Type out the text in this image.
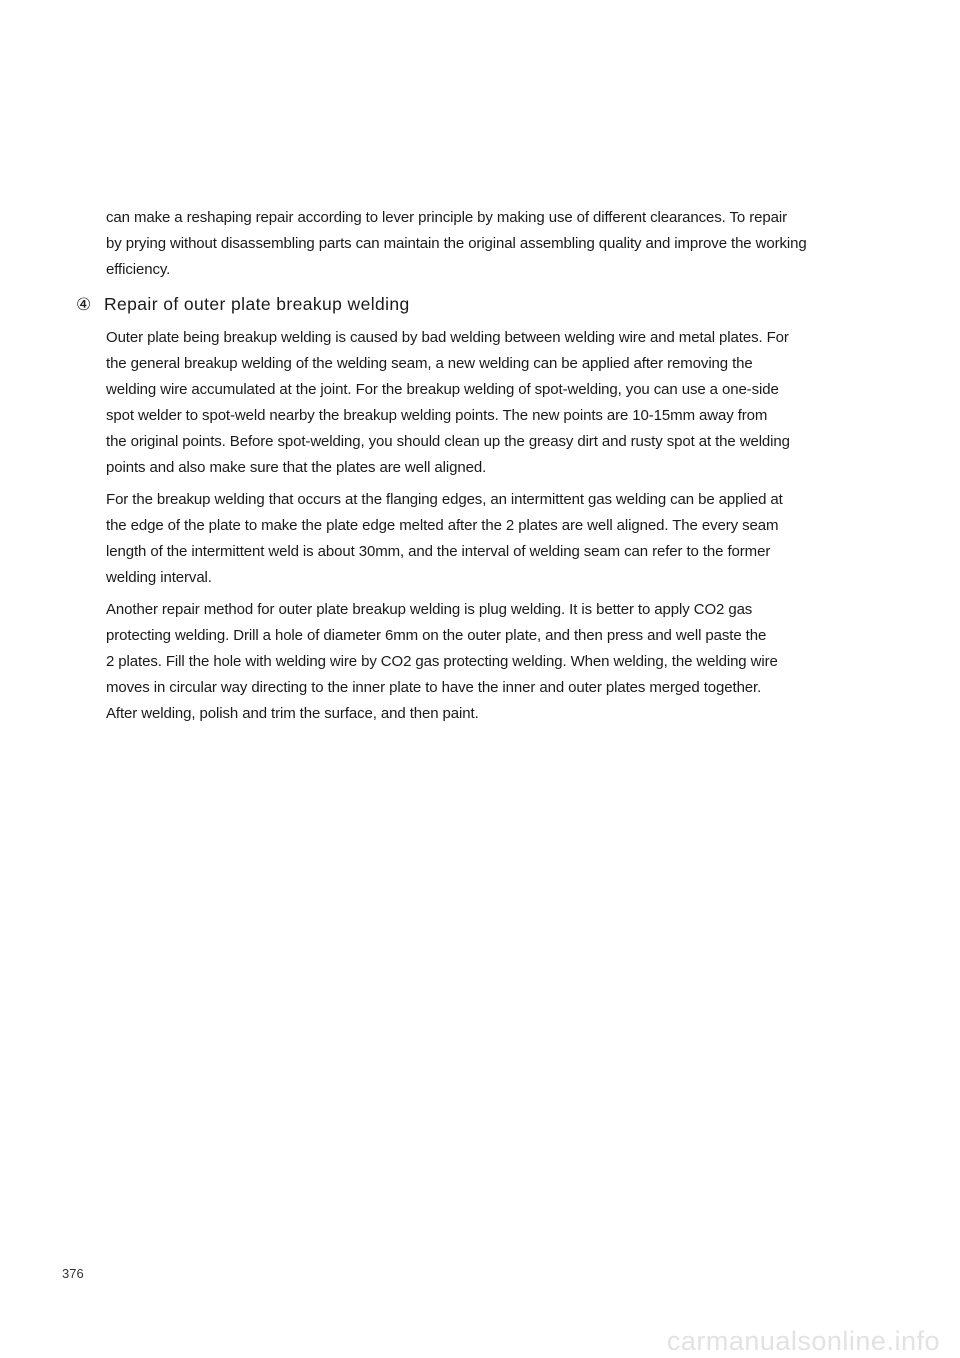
can make a reshaping repair according to lever principle by making use of different clearances. To repair
by prying without disassembling parts can maintain the original assembling quality and improve the working
efficiency.
④ Repair of outer plate breakup welding
Outer plate being breakup welding is caused by bad welding between welding wire and metal plates. For
the general breakup welding of the welding seam, a new welding can be applied after removing the
welding wire accumulated at the joint. For the breakup welding of spot-welding, you can use a one-side
spot welder to spot-weld nearby the breakup welding points. The new points are 10-15mm away from
the original points. Before spot-welding, you should clean up the greasy dirt and rusty spot at the welding
points and also make sure that the plates are well aligned.
For the breakup welding that occurs at the flanging edges, an intermittent gas welding can be applied at
the edge of the plate to make the plate edge melted after the 2 plates are well aligned. The every seam
length of the intermittent weld is about 30mm, and the interval of welding seam can refer to the former
welding interval.
Another repair method for outer plate breakup welding is plug welding. It is better to apply CO2 gas
protecting welding. Drill a hole of diameter 6mm on the outer plate, and then press and well paste the
2 plates. Fill the hole with welding wire by CO2 gas protecting welding. When welding, the welding wire
moves in circular way directing to the inner plate to have the inner and outer plates merged together.
After welding, polish and trim the surface, and then paint.
376
carmanualsonline.info
